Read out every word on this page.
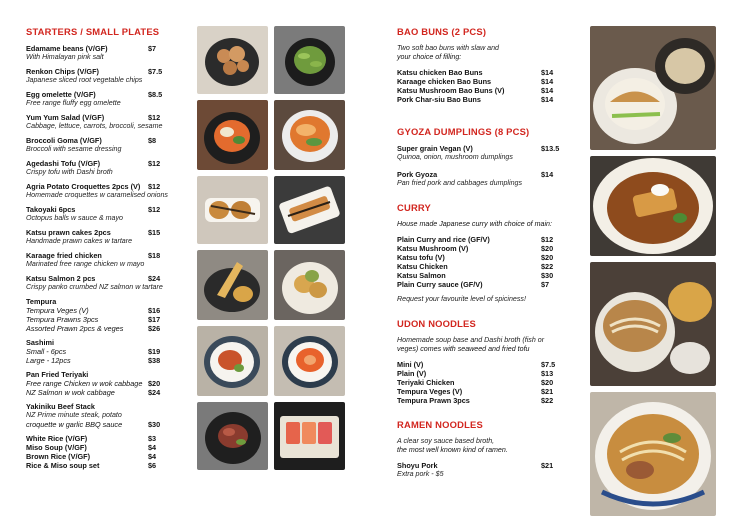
STARTERS / SMALL PLATES
Edamame beans (V/GF)	$7
With Himalayan pink salt
Renkon Chips (V/GF)	$7.5
Japanese sliced root vegetable chips
Egg omelette (V/GF)	$8.5
Free range fluffy egg omelette
Yum Yum Salad (V/GF)	$12
Cabbage, lettuce, carrots, broccoli, sesame
Broccoli Goma (V/GF)	$8
Broccoli with sesame dressing
Agedashi Tofu (V/GF)	$12
Crispy tofu with Dashi broth
Agria Potato Croquettes 2pcs (V) $12
Homemade croquettes w caramelised onions
Takoyaki 6pcs	$12
Octopus balls w sauce & mayo
Katsu prawn cakes 2pcs	$15
Handmade prawn cakes w tartare
Karaage fried chicken	$18
Marinated free range chicken w mayo
Katsu Salmon 2 pcs	$24
Crispy panko crumbed NZ salmon w tartare
Tempura
Tempura Veges (V)	$16
Tempura Prawns 3pcs	$17
Assorted Prawn 2pcs & veges	$26
Sashimi
Small - 6pcs	$19
Large - 12pcs	$38
Pan Fried Teriyaki
Free range Chicken w wok cabbage $20
NZ Salmon w wok cabbage	$24
Yakiniku Beef Stack
NZ Prime minute steak, potato
croquette w garlic BBQ sauce	$30
White Rice (V/GF)	$3
Miso Soup (V/GF)	$4
Brown Rice (V/GF)	$4
Rice & Miso soup set	$6
BAO BUNS (2 PCS)
Two soft bao buns with slaw and
your choice of filling:
Katsu chicken Bao Buns	$14
Karaage chicken Bao Buns	$14
Katsu Mushroom Bao Buns (V)	$14
Pork Char-siu Bao Buns	$14
GYOZA DUMPLINGS (8 PCS)
Super grain Vegan (V)	$13.5
Quinoa, onion, mushroom dumplings
Pork Gyoza	$14
Pan fried pork and cabbages dumplings
CURRY
House made Japanese curry with choice of main:
Plain Curry and rice (GF/V)	$12
Katsu Mushroom (V)	$20
Katsu tofu (V)	$20
Katsu Chicken	$22
Katsu Salmon	$30
Plain Curry sauce (GF/V)	$7
Request your favourite level of spiciness!
UDON NOODLES
Homemade soup base and Dashi broth (fish or
veges) comes with seaweed and fried tofu
Mini (V)	$7.5
Plain (V)	$13
Teriyaki Chicken	$20
Tempura Veges (V)	$21
Tempura Prawn 3pcs	$22
RAMEN NOODLES
A clear soy sauce based broth,
the most well known kind of ramen.
Shoyu Pork	$21
Extra pork - $5
